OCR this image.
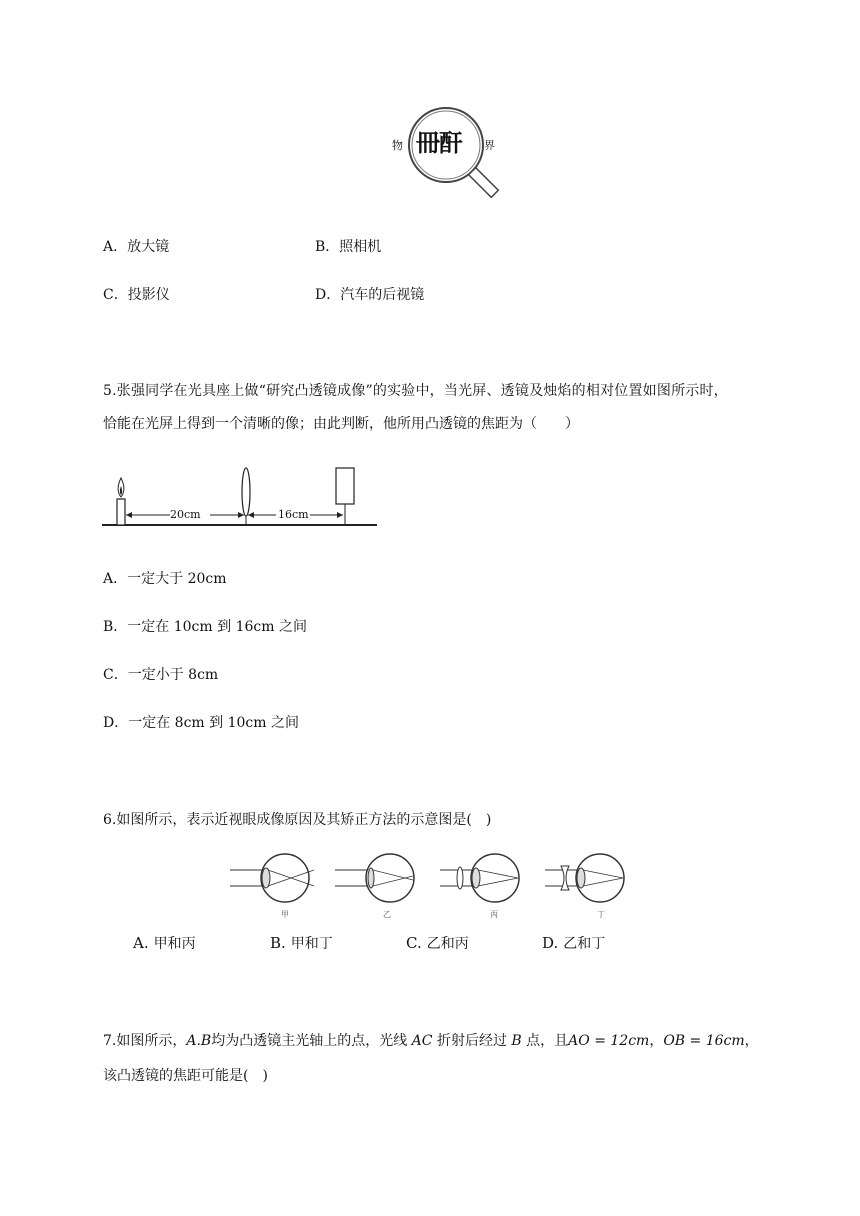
物 冊酐 界
A．放大镜	B．照相机
C．投影仪	D．汽车的后视镜
5.张强同学在光具座上做“研究凸透镜成像”的实验中，当光屏、透镜及烛焰的相对位置如图所示时，
恰能在光屏上得到一个清晰的像；由此判断，他所用凸透镜的焦距为（　　）
20cm	16cm
A．一定大于 20cm
B．一定在 10cm 到 16cm 之间
C．一定小于 8cm
D．一定在 8cm 到 10cm 之间
6.如图所示，表示近视眼成像原因及其矫正方法的示意图是(　)
甲	乙	丙	丁
A. 甲和丙	B. 甲和丁	C. 乙和丙	D. 乙和丁
7.如图所示，A.B均为凸透镜主光轴上的点，光线 AC 折射后经过 B 点，且AO = 12cm，OB = 16cm，
该凸透镜的焦距可能是(　)
